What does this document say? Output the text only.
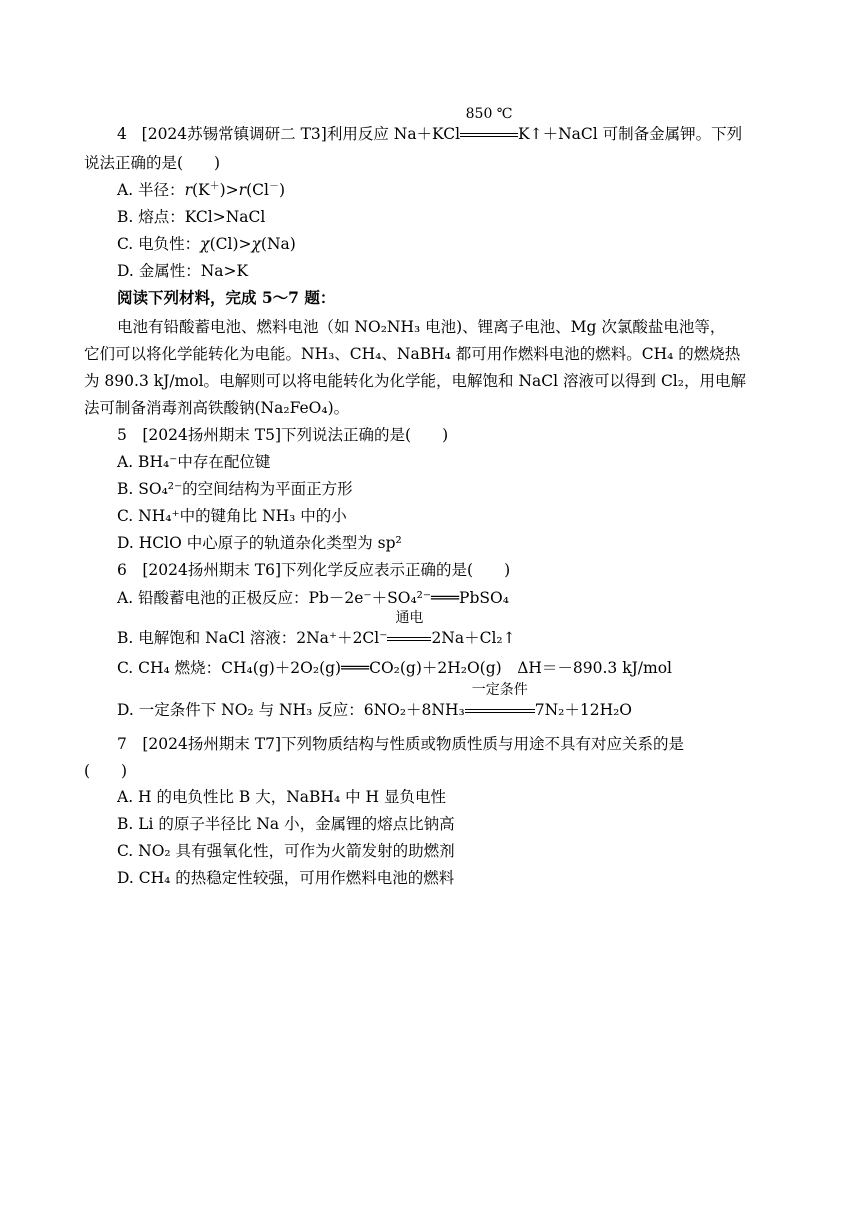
4 [2024苏锡常镇调研二 T3]利用反应 Na＋KCl
850 ℃
K↑＋NaCl 可制备金属钾。下列
说法正确的是(　　)
A. 半径：r(K＋)>r(Cl－)
B. 熔点：KCl>NaCl
C. 电负性：χ(Cl)>χ(Na)
D. 金属性：Na>K
阅读下列材料，完成 5～7 题：
电池有铅酸蓄电池、燃料电池（如 NO₂NH₃ 电池)、锂离子电池、Mg 次氯酸盐电池等，
它们可以将化学能转化为电能。NH₃、CH₄、NaBH₄ 都可用作燃料电池的燃料。CH₄ 的燃烧热
为 890.3 kJ/mol。电解则可以将电能转化为化学能，电解饱和 NaCl 溶液可以得到 Cl₂，用电解
法可制备消毒剂高铁酸钠(Na₂FeO₄)。
5　[2024扬州期末 T5]下列说法正确的是(　　)
A. BH₄⁻中存在配位键
B. SO₄²⁻的空间结构为平面正方形
C. NH₄⁺中的键角比 NH₃ 中的小
D. HClO 中心原子的轨道杂化类型为 sp²
6　[2024扬州期末 T6]下列化学反应表示正确的是(　　)
A. 铅酸蓄电池的正极反应：Pb－2e⁻＋SO₄²⁻═══PbSO₄
B. 电解饱和 NaCl 溶液：2Na⁺＋2Cl⁻
通电
2Na＋Cl₂↑
C. CH₄ 燃烧：CH₄(g)＋2O₂(g)═══CO₂(g)＋2H₂O(g)　ΔH＝－890.3 kJ/mol
D. 一定条件下 NO₂ 与 NH₃ 反应：6NO₂＋8NH₃
一定条件
7N₂＋12H₂O
7　[2024扬州期末 T7]下列物质结构与性质或物质性质与用途不具有对应关系的是
(　　)
A. H 的电负性比 B 大，NaBH₄ 中 H 显负电性
B. Li 的原子半径比 Na 小，金属锂的熔点比钠高
C. NO₂ 具有强氧化性，可作为火箭发射的助燃剂
D. CH₄ 的热稳定性较强，可用作燃料电池的燃料
